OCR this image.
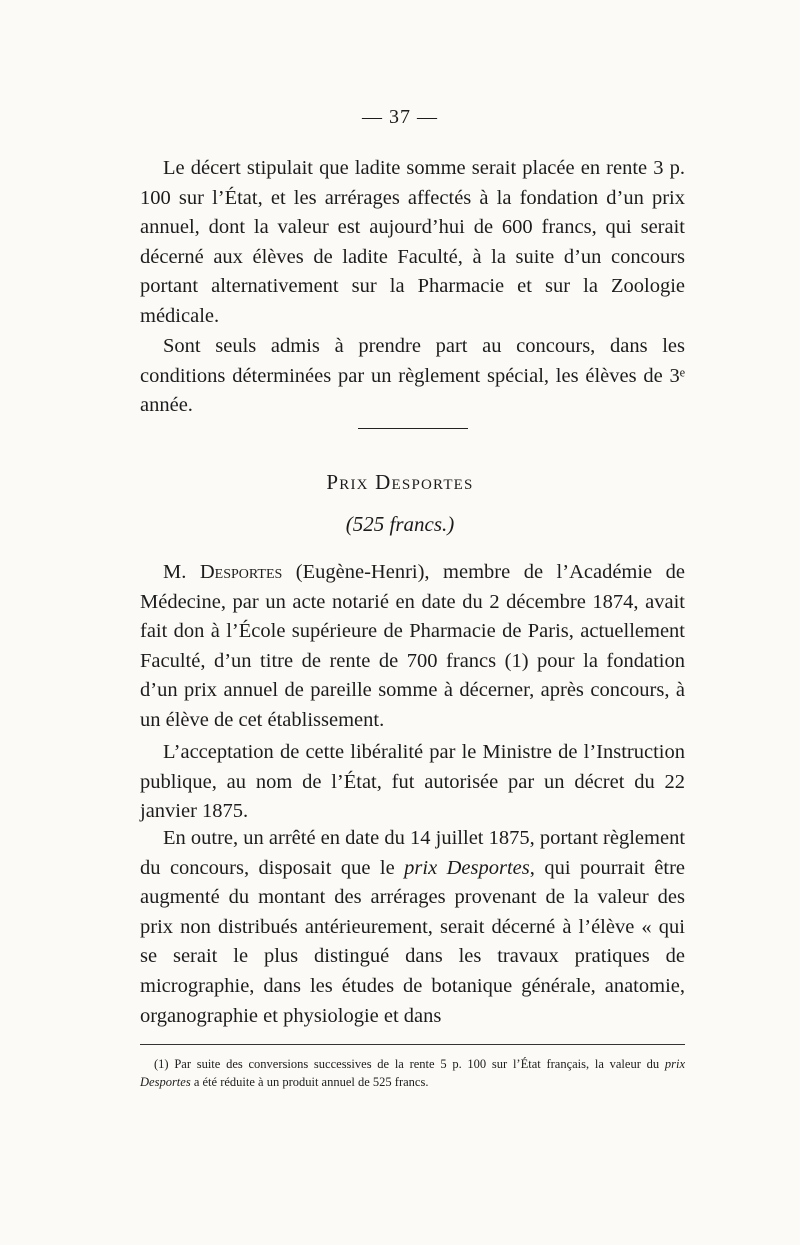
— 37 —

Le décert stipulait que ladite somme serait placée en rente 3 p. 100 sur l’État, et les arrérages affectés à la fondation d’un prix annuel, dont la valeur est aujourd’hui de 600 francs, qui serait décerné aux élèves de ladite Faculté, à la suite d’un concours portant alternativement sur la Pharmacie et sur la Zoologie médicale.

Sont seuls admis à prendre part au concours, dans les conditions déterminées par un règlement spécial, les élèves de 3ᵉ année.

Prix Desportes
(525 francs.)

M. Desportes (Eugène-Henri), membre de l’Académie de Médecine, par un acte notarié en date du 2 décembre 1874, avait fait don à l’École supérieure de Pharmacie de Paris, actuellement Faculté, d’un titre de rente de 700 francs (1) pour la fondation d’un prix annuel de pareille somme à décerner, après concours, à un élève de cet établissement.

L’acceptation de cette libéralité par le Ministre de l’Instruction publique, au nom de l’État, fut autorisée par un décret du 22 janvier 1875.

En outre, un arrêté en date du 14 juillet 1875, portant règlement du concours, disposait que le prix Desportes, qui pourrait être augmenté du montant des arrérages provenant de la valeur des prix non distribués antérieurement, serait décerné à l’élève « qui se serait le plus distingué dans les travaux pratiques de micrographie, dans les études de botanique générale, anatomie, organographie et physiologie et dans

(1) Par suite des conversions successives de la rente 5 p. 100 sur l’État français, la valeur du prix Desportes a été réduite à un produit annuel de 525 francs.
